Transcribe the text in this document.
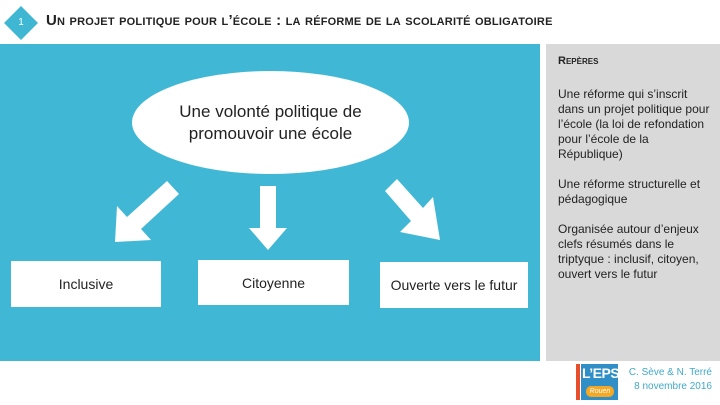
1	Un projet politique pour l’école : la réforme de la scolarité obligatoire
Une volonté politique de promouvoir une école
Inclusive	Citoyenne	Ouverte vers le futur
Repères

Une réforme qui s’inscrit dans un projet politique pour l’école (la loi de refondation pour l’école de la République)

Une réforme structurelle et pédagogique

Organisée autour d’enjeux clefs résumés dans le triptyque : inclusif, citoyen, ouvert vers le futur

L’EPS
Rouen
C. Sève & N. Terré
8 novembre 2016
